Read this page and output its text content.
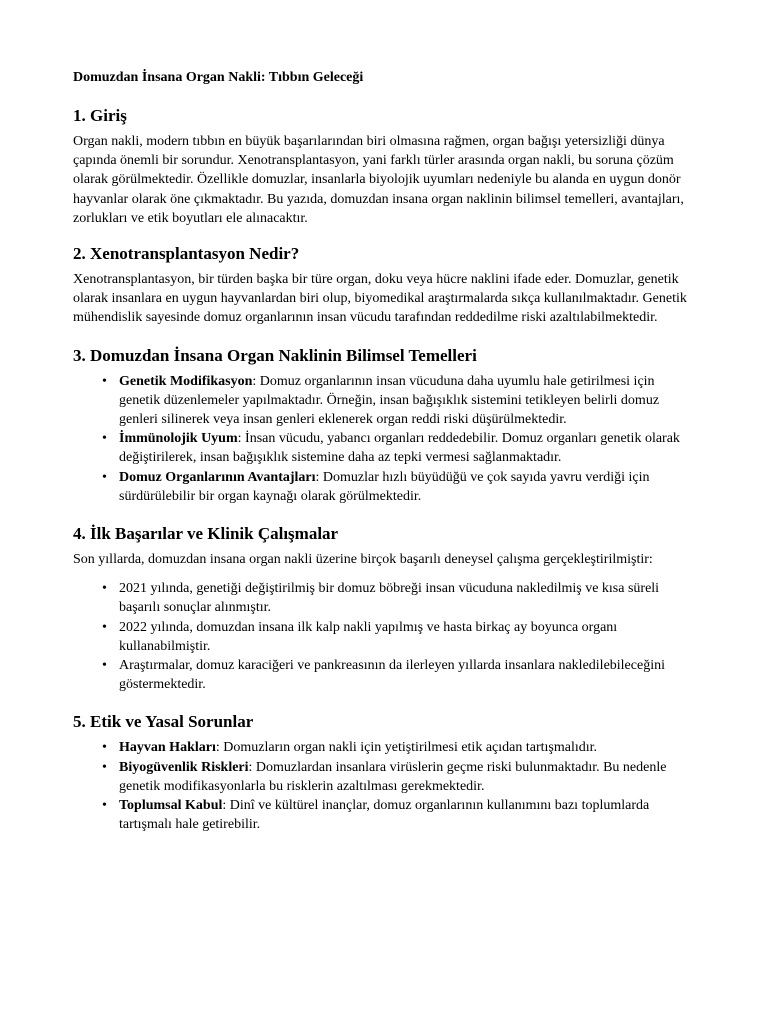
Domuzdan İnsana Organ Nakli: Tıbbın Geleceği
1. Giriş

Organ nakli, modern tıbbın en büyük başarılarından biri olmasına rağmen, organ bağışı yetersizliği dünya çapında önemli bir sorundur. Xenotransplantasyon, yani farklı türler arasında organ nakli, bu soruna çözüm olarak görülmektedir. Özellikle domuzlar, insanlarla biyolojik uyumları nedeniyle bu alanda en uygun donör hayvanlar olarak öne çıkmaktadır. Bu yazıda, domuzdan insana organ naklinin bilimsel temelleri, avantajları, zorlukları ve etik boyutları ele alınacaktır.

2. Xenotransplantasyon Nedir?

Xenotransplantasyon, bir türden başka bir türe organ, doku veya hücre naklini ifade eder. Domuzlar, genetik olarak insanlara en uygun hayvanlardan biri olup, biyomedikal araştırmalarda sıkça kullanılmaktadır. Genetik mühendislik sayesinde domuz organlarının insan vücudu tarafından reddedilme riski azaltılabilmektedir.

3. Domuzdan İnsana Organ Naklinin Bilimsel Temelleri
• Genetik Modifikasyon: Domuz organlarının insan vücuduna daha uyumlu hale getirilmesi için genetik düzenlemeler yapılmaktadır. Örneğin, insan bağışıklık sistemini tetikleyen belirli domuz genleri silinerek veya insan genleri eklenerek organ reddi riski düşürülmektedir.
• İmmünolojik Uyum: İnsan vücudu, yabancı organları reddedebilir. Domuz organları genetik olarak değiştirilerek, insan bağışıklık sistemine daha az tepki vermesi sağlanmaktadır.
• Domuz Organlarının Avantajları: Domuzlar hızlı büyüdüğü ve çok sayıda yavru verdiği için sürdürülebilir bir organ kaynağı olarak görülmektedir.
4. İlk Başarılar ve Klinik Çalışmalar

Son yıllarda, domuzdan insana organ nakli üzerine birçok başarılı deneysel çalışma gerçekleştirilmiştir:

• 2021 yılında, genetiği değiştirilmiş bir domuz böbreği insan vücuduna nakledilmiş ve kısa süreli başarılı sonuçlar alınmıştır.
• 2022 yılında, domuzdan insana ilk kalp nakli yapılmış ve hasta birkaç ay boyunca organı kullanabilmiştir.
• Araştırmalar, domuz karaciğeri ve pankreasının da ilerleyen yıllarda insanlara nakledilebileceğini göstermektedir.
5. Etik ve Yasal Sorunlar
• Hayvan Hakları: Domuzların organ nakli için yetiştirilmesi etik açıdan tartışmalıdır.
• Biyogüvenlik Riskleri: Domuzlardan insanlara virüslerin geçme riski bulunmaktadır. Bu nedenle genetik modifikasyonlarla bu risklerin azaltılması gerekmektedir.
• Toplumsal Kabul: Dinî ve kültürel inançlar, domuz organlarının kullanımını bazı toplumlarda tartışmalı hale getirebilir.
